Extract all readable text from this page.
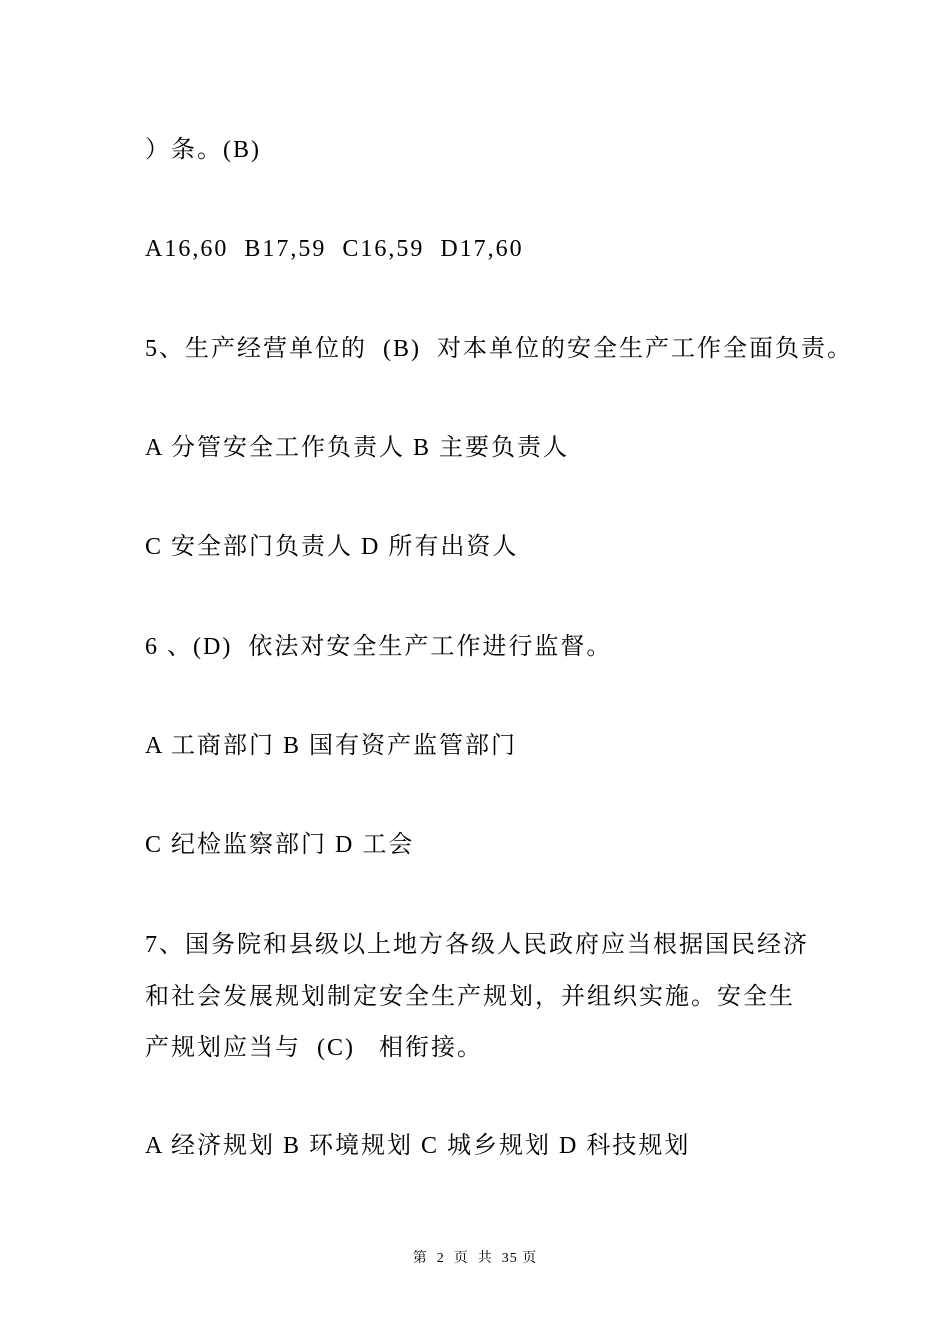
）条。(B)
A16,60  B17,59  C16,59  D17,60
5、生产经营单位的  (B)  对本单位的安全生产工作全面负责。
A 分管安全工作负责人 B 主要负责人
C 安全部门负责人 D 所有出资人
6 、(D)  依法对安全生产工作进行监督。
A 工商部门 B 国有资产监管部门
C 纪检监察部门 D 工会
7、国务院和县级以上地方各级人民政府应当根据国民经济
和社会发展规划制定安全生产规划，并组织实施。安全生
产规划应当与  (C)   相衔接。
A 经济规划 B 环境规划 C 城乡规划 D 科技规划
第  2  页  共  35 页
